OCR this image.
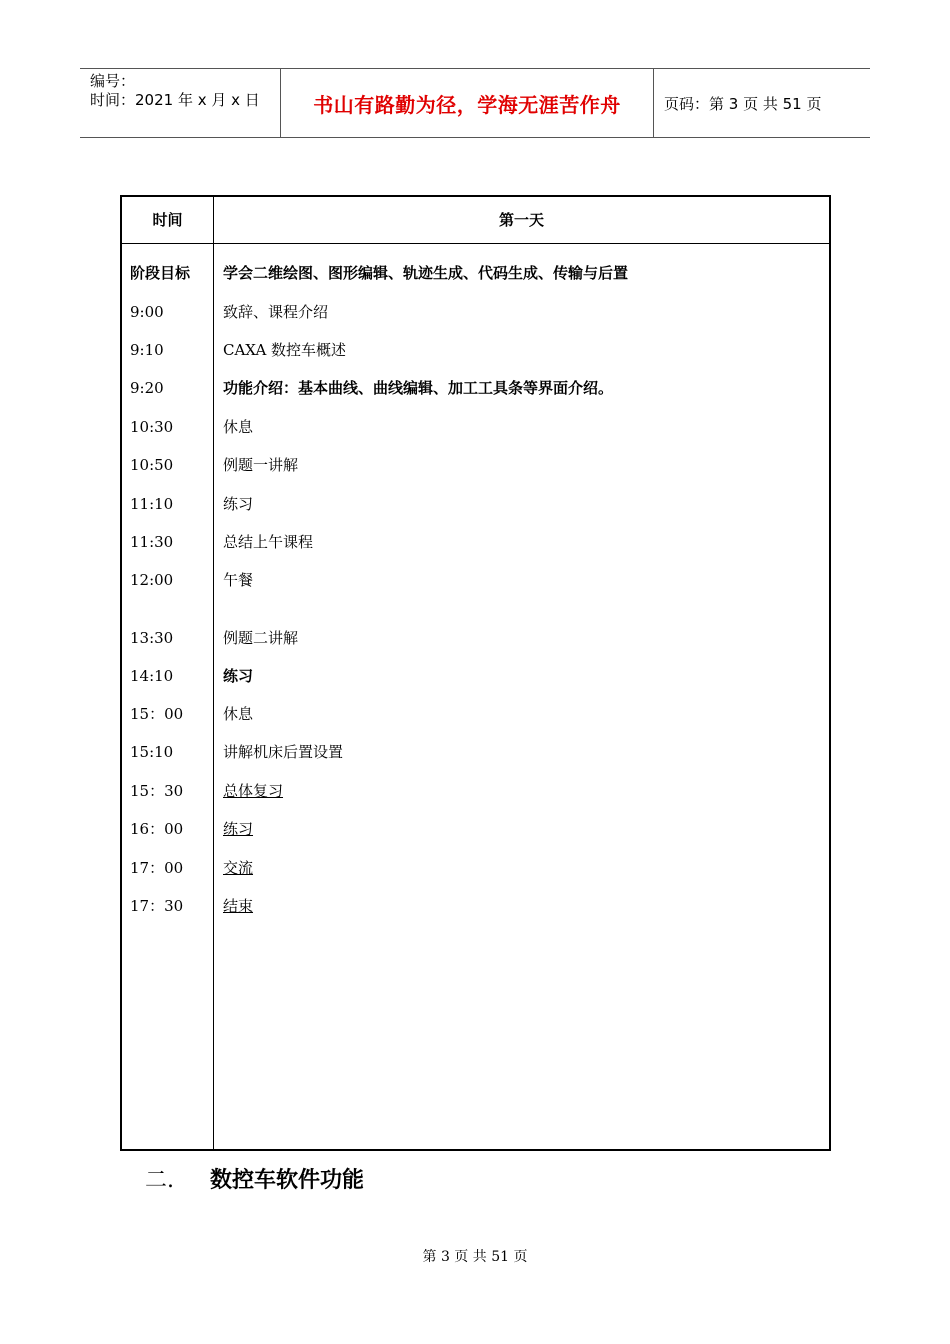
编号：
时间：2021 年 x 月 x 日	书山有路勤为径，学海无涯苦作舟	页码：第 3 页 共 51 页
时间	第一天
阶段目标 学会二维绘图、图形编辑、轨迹生成、代码生成、传输与后置
9:00	致辞、课程介绍
9:10	CAXA 数控车概述
9:20	功能介绍：基本曲线、曲线编辑、加工工具条等界面介绍。
10:30	休息
10:50	例题一讲解
11:10	练习
11:30	总结上午课程
12:00	午餐
13:30	例题二讲解
14:10	练习
15：00	休息
15:10	讲解机床后置设置
15：30	总体复习
16：00	练习
17：00	交流
17：30	结束
二. 数控车软件功能
第 3 页 共 51 页
